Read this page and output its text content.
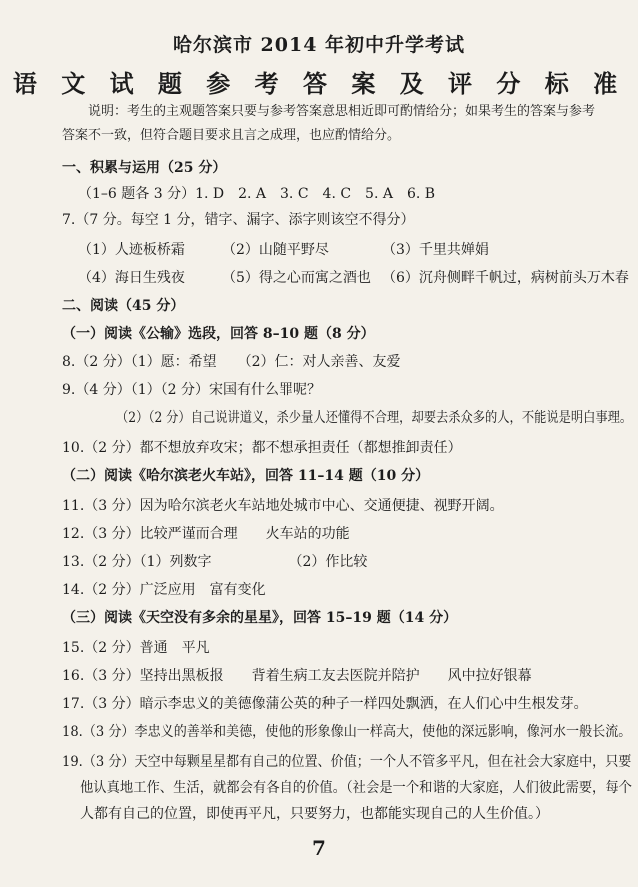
哈尔滨市 2014 年初中升学考试
语 文 试 题 参 考 答 案 及 评 分 标 准
说明：考生的主观题答案只要与参考答案意思相近即可酌情给分；如果考生的答案与参考
答案不一致，但符合题目要求且言之成理，也应酌情给分。
一、积累与运用（25 分）
（1–6 题各 3 分）1. D　2. A　3. C　4. C　5. A　6. B
7.（7 分。每空 1 分，错字、漏字、添字则该空不得分）
（1）人迹板桥霜	（2）山随平野尽	（3）千里共婵娟
（4）海日生残夜	（5）得之心而寓之酒也 （6）沉舟侧畔千帆过，病树前头万木春
二、阅读（45 分）
（一）阅读《公输》选段，回答 8–10 题（8 分）
8.（2 分）（1）愿：希望　　（2）仁：对人亲善、友爱
9.（4 分）（1）（2 分）宋国有什么罪呢？
（2）（2 分）自己说讲道义，杀少量人还懂得不合理，却要去杀众多的人，不能说是明白事理。
10.（2 分）都不想放弃攻宋；都不想承担责任（都想推卸责任）
（二）阅读《哈尔滨老火车站》，回答 11–14 题（10 分）
11.（3 分）因为哈尔滨老火车站地处城市中心、交通便捷、视野开阔。
12.（3 分）比较严谨而合理　　火车站的功能
13.（2 分）（1）列数字　　　　　　（2）作比较
14.（2 分）广泛应用　富有变化
（三）阅读《天空没有多余的星星》，回答 15–19 题（14 分）
15.（2 分）普通　平凡
16.（3 分）坚持出黑板报　　背着生病工友去医院并陪护　　风中拉好银幕
17.（3 分）暗示李忠义的美德像蒲公英的种子一样四处飘洒，在人们心中生根发芽。
18.（3 分）李忠义的善举和美德，使他的形象像山一样高大，使他的深远影响，像河水一般长流。
19.（3 分）天空中每颗星星都有自己的位置、价值；一个人不管多平凡，但在社会大家庭中，只要
他认真地工作、生活，就都会有各自的价值。（社会是一个和谐的大家庭，人们彼此需要，每个
人都有自己的位置，即使再平凡，只要努力，也都能实现自己的人生价值。）
7
